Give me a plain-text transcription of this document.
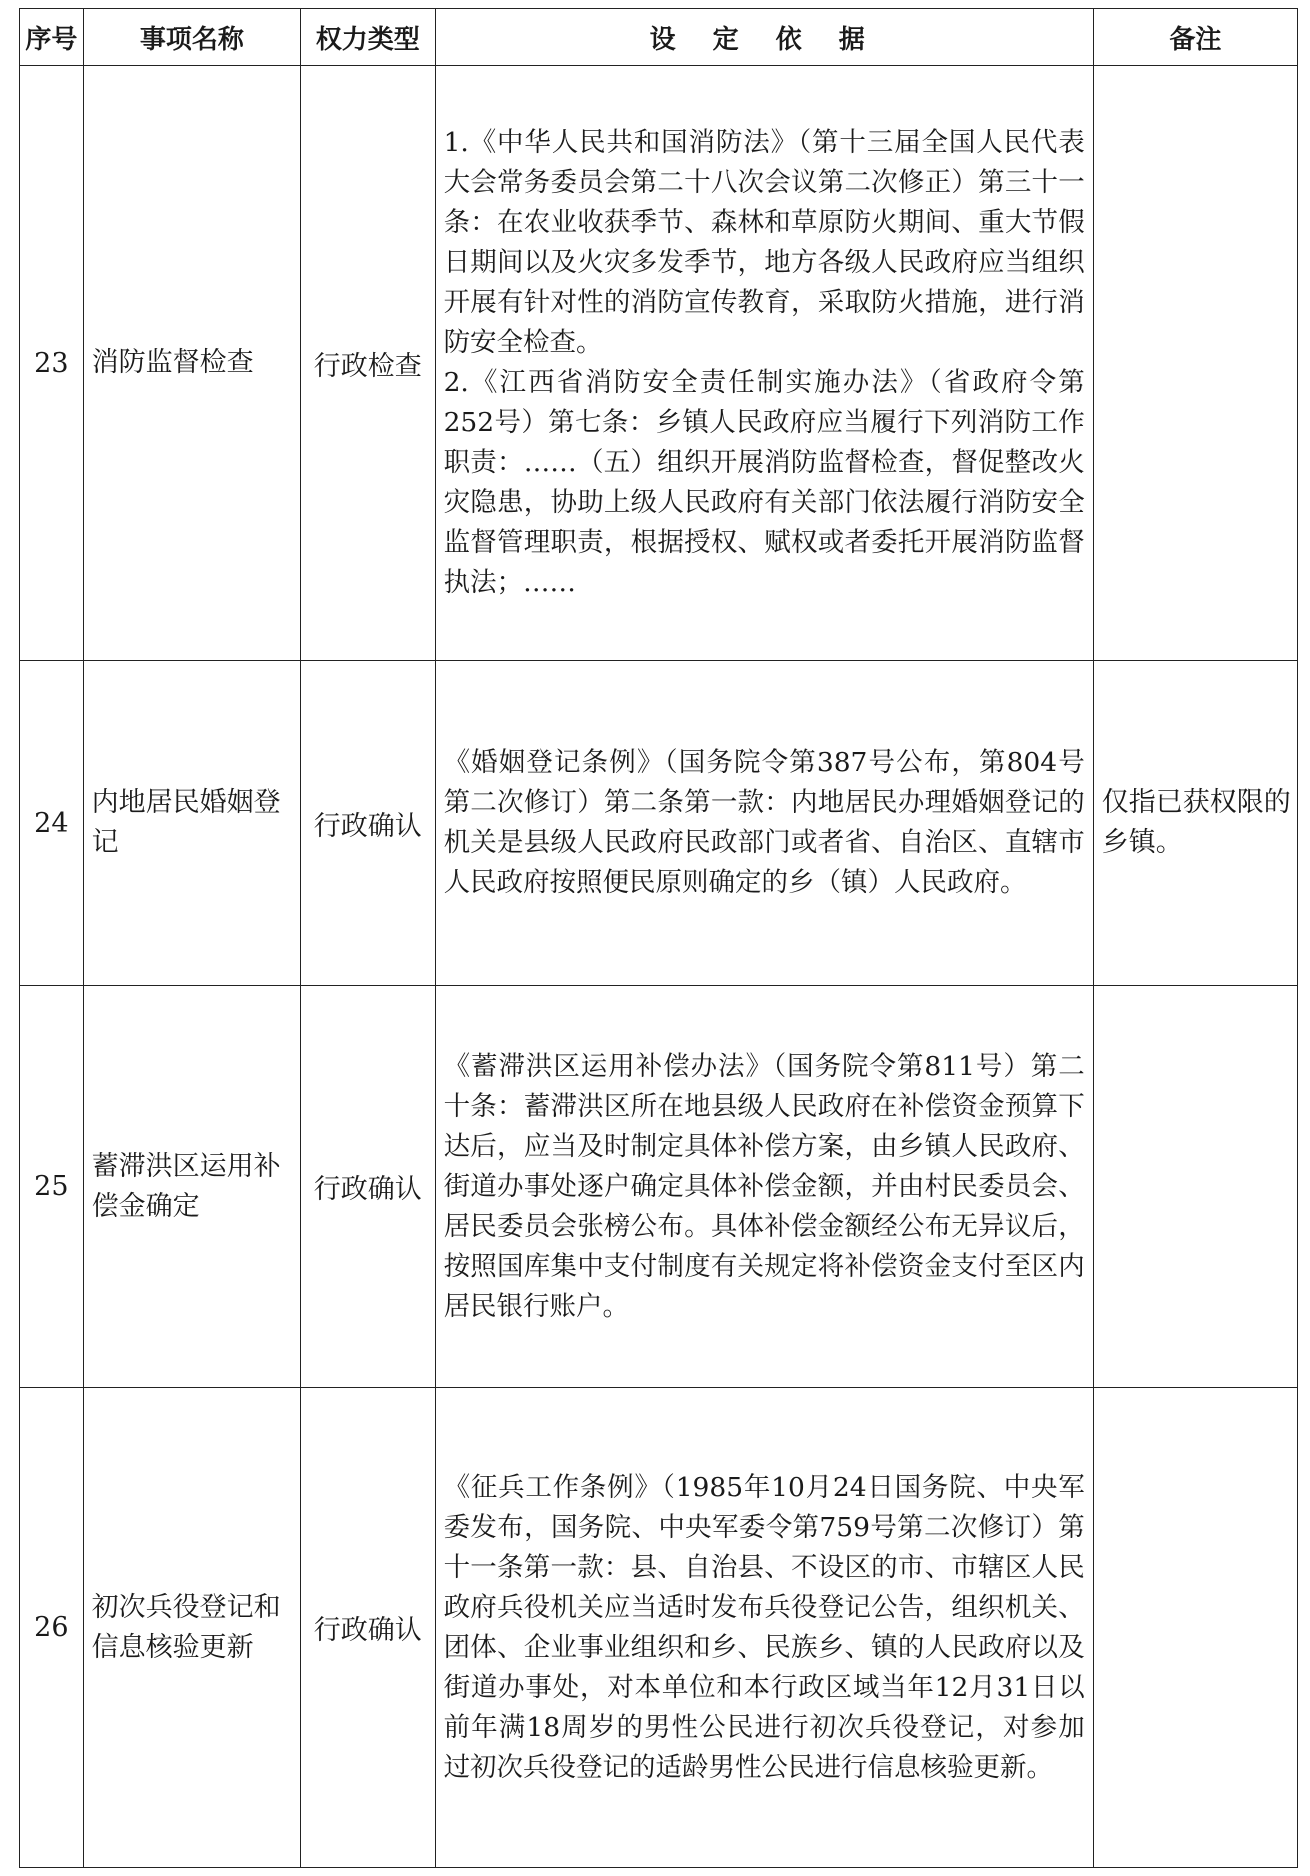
序号	事项名称	权力类型	设 定 依 据	备注
23	消防监督检查	行政检查	1.《中华人民共和国消防法》（第十三届全国人民代表大会常务委员会第二十八次会议第二次修正）第三十一条：在农业收获季节、森林和草原防火期间、重大节假日期间以及火灾多发季节，地方各级人民政府应当组织开展有针对性的消防宣传教育，采取防火措施，进行消防安全检查。
2.《江西省消防安全责任制实施办法》（省政府令第252号）第七条：乡镇人民政府应当履行下列消防工作职责：……（五）组织开展消防监督检查，督促整改火灾隐患，协助上级人民政府有关部门依法履行消防安全监督管理职责，根据授权、赋权或者委托开展消防监督执法；……	

24	内地居民婚姻登记	行政确认	《婚姻登记条例》（国务院令第387号公布，第804号第二次修订）第二条第一款：内地居民办理婚姻登记的机关是县级人民政府民政部门或者省、自治区、直辖市人民政府按照便民原则确定的乡（镇）人民政府。	仅指已获权限的乡镇。
25	蓄滞洪区运用补偿金确定	行政确认	《蓄滞洪区运用补偿办法》（国务院令第811号）第二十条：蓄滞洪区所在地县级人民政府在补偿资金预算下达后，应当及时制定具体补偿方案，由乡镇人民政府、街道办事处逐户确定具体补偿金额，并由村民委员会、居民委员会张榜公布。具体补偿金额经公布无异议后，按照国库集中支付制度有关规定将补偿资金支付至区内居民银行账户。	

26	初次兵役登记和信息核验更新	行政确认	《征兵工作条例》（1985年10月24日国务院、中央军委发布，国务院、中央军委令第759号第二次修订）第十一条第一款：县、自治县、不设区的市、市辖区人民政府兵役机关应当适时发布兵役登记公告，组织机关、团体、企业事业组织和乡、民族乡、镇的人民政府以及街道办事处，对本单位和本行政区域当年12月31日以前年满18周岁的男性公民进行初次兵役登记，对参加过初次兵役登记的适龄男性公民进行信息核验更新。	
